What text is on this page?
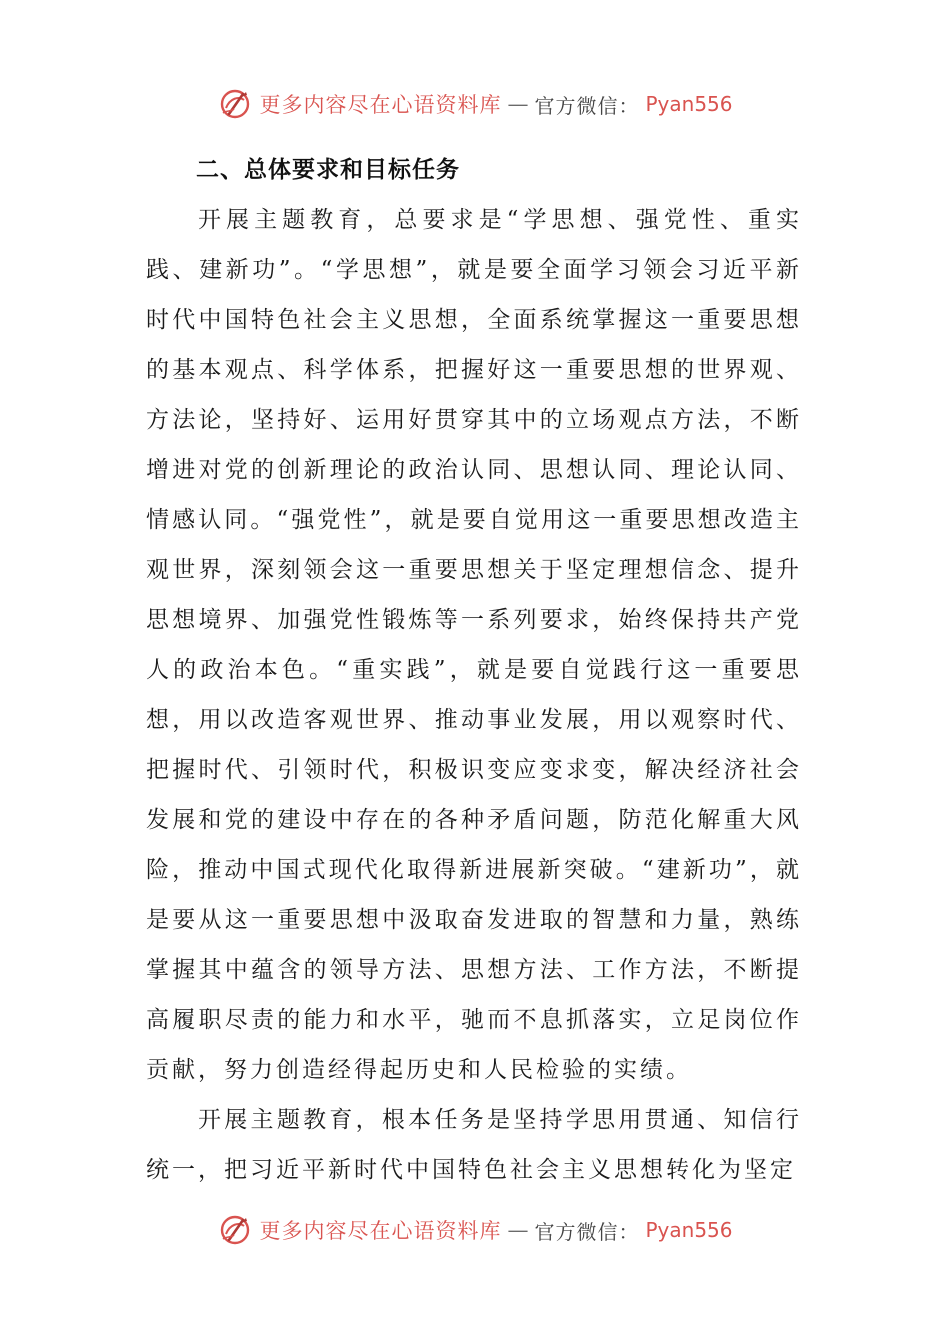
更多内容尽在心语资料库 — 官方微信： Pyan556
二、总体要求和目标任务

开展主题教育，总要求是“学思想、强党性、重实践、建新功”。“学思想”，就是要全面学习领会习近平新时代中国特色社会主义思想，全面系统掌握这一重要思想的基本观点、科学体系，把握好这一重要思想的世界观、方法论，坚持好、运用好贯穿其中的立场观点方法，不断增进对党的创新理论的政治认同、思想认同、理论认同、情感认同。“强党性”，就是要自觉用这一重要思想改造主观世界，深刻领会这一重要思想关于坚定理想信念、提升思想境界、加强党性锻炼等一系列要求，始终保持共产党人的政治本色。“重实践”，就是要自觉践行这一重要思想，用以改造客观世界、推动事业发展，用以观察时代、把握时代、引领时代，积极识变应变求变，解决经济社会发展和党的建设中存在的各种矛盾问题，防范化解重大风险，推动中国式现代化取得新进展新突破。“建新功”，就是要从这一重要思想中汲取奋发进取的智慧和力量，熟练掌握其中蕴含的领导方法、思想方法、工作方法，不断提高履职尽责的能力和水平，驰而不息抓落实，立足岗位作贡献，努力创造经得起历史和人民检验的实绩。

开展主题教育，根本任务是坚持学思用贯通、知信行统一，把习近平新时代中国特色社会主义思想转化为坚定

更多内容尽在心语资料库 — 官方微信： Pyan556
